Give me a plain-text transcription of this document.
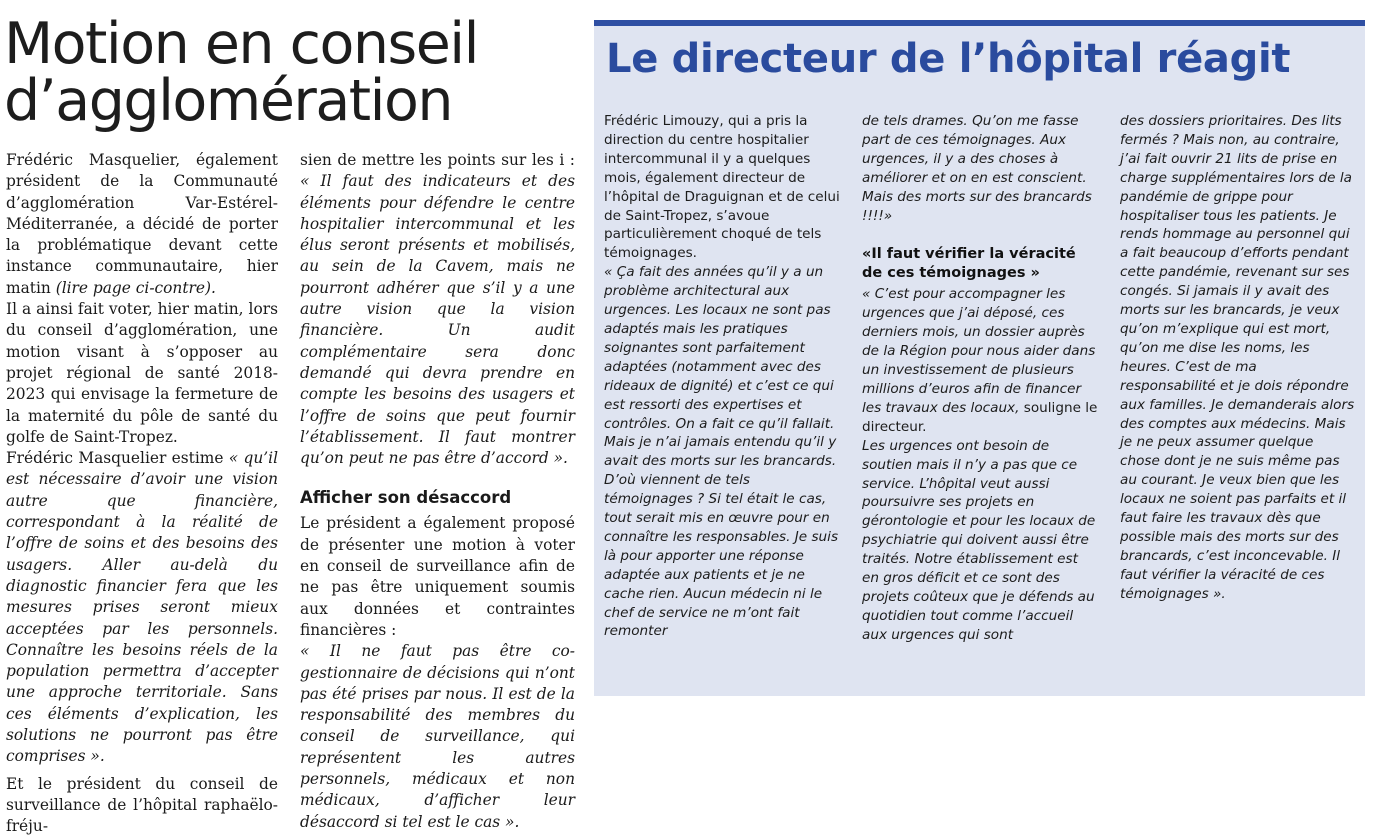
Motion en conseil
d’agglomération

Frédéric Masquelier, également président de la Communauté d’agglomération Var-Estérel-Méditerranée, a décidé de porter la problématique devant cette instance communautaire, hier matin (lire page ci-contre).

Il a ainsi fait voter, hier matin, lors du conseil d’agglomération, une motion visant à s’opposer au projet régional de santé 2018-2023 qui envisage la fermeture de la maternité du pôle de santé du golfe de Saint-Tropez.

Frédéric Masquelier estime « qu’il est nécessaire d’avoir une vision autre que financière, correspondant à la réalité de l’offre de soins et des besoins des usagers. Aller au-delà du diagnostic financier fera que les mesures prises seront mieux acceptées par les personnels. Connaître les besoins réels de la population permettra d’accepter une approche territoriale. Sans ces éléments d’explication, les solutions ne pourront pas être comprises ».

Et le président du conseil de surveillance de l’hôpital raphaëlo-fréju-

sien de mettre les points sur les i : « Il faut des indicateurs et des éléments pour défendre le centre hospitalier intercommunal et les élus seront présents et mobilisés, au sein de la Cavem, mais ne pourront adhérer que s’il y a une autre vision que la vision financière. Un audit complémentaire sera donc demandé qui devra prendre en compte les besoins des usagers et l’offre de soins que peut fournir l’établissement. Il faut montrer qu’on peut ne pas être d’accord ».

Afficher son désaccord

Le président a également proposé de présenter une motion à voter en conseil de surveillance afin de ne pas être uniquement soumis aux données et contraintes financières :

« Il ne faut pas être co-gestionnaire de décisions qui n’ont pas été prises par nous. Il est de la responsabilité des membres du conseil de surveillance, qui représentent les autres personnels, médicaux et non médicaux, d’afficher leur désaccord si tel est le cas ».

Le directeur de l’hôpital réagit

Frédéric Limouzy, qui a pris la direction du centre hospitalier intercommunal il y a quelques mois, également directeur de l’hôpital de Draguignan et de celui de Saint-Tropez, s’avoue particulièrement choqué de tels témoignages.

« Ça fait des années qu’il y a un problème architectural aux urgences. Les locaux ne sont pas adaptés mais les pratiques soignantes sont parfaitement adaptées (notamment avec des rideaux de dignité) et c’est ce qui est ressorti des expertises et contrôles. On a fait ce qu’il fallait. Mais je n’ai jamais entendu qu’il y avait des morts sur les brancards. D’où viennent de tels témoignages ? Si tel était le cas, tout serait mis en œuvre pour en connaître les responsables. Je suis là pour apporter une réponse adaptée aux patients et je ne cache rien. Aucun médecin ni le chef de service ne m’ont fait remonter

de tels drames. Qu’on me fasse part de ces témoignages. Aux urgences, il y a des choses à améliorer et on en est conscient. Mais des morts sur des brancards !!!!»

«Il faut vérifier la véracité de ces témoignages »

« C’est pour accompagner les urgences que j’ai déposé, ces derniers mois, un dossier auprès de la Région pour nous aider dans un investissement de plusieurs millions d’euros afin de financer les travaux des locaux, souligne le directeur.

Les urgences ont besoin de soutien mais il n’y a pas que ce service. L’hôpital veut aussi poursuivre ses projets en gérontologie et pour les locaux de psychiatrie qui doivent aussi être traités. Notre établissement est en gros déficit et ce sont des projets coûteux que je défends au quotidien tout comme l’accueil aux urgences qui sont

des dossiers prioritaires. Des lits fermés ? Mais non, au contraire, j’ai fait ouvrir 21 lits de prise en charge supplémentaires lors de la pandémie de grippe pour hospitaliser tous les patients. Je rends hommage au personnel qui a fait beaucoup d’efforts pendant cette pandémie, revenant sur ses congés. Si jamais il y avait des morts sur les brancards, je veux qu’on m’explique qui est mort, qu’on me dise les noms, les heures. C’est de ma responsabilité et je dois répondre aux familles. Je demanderais alors des comptes aux médecins. Mais je ne peux assumer quelque chose dont je ne suis même pas au courant. Je veux bien que les locaux ne soient pas parfaits et il faut faire les travaux dès que possible mais des morts sur des brancards, c’est inconcevable. Il faut vérifier la véracité de ces témoignages ».
